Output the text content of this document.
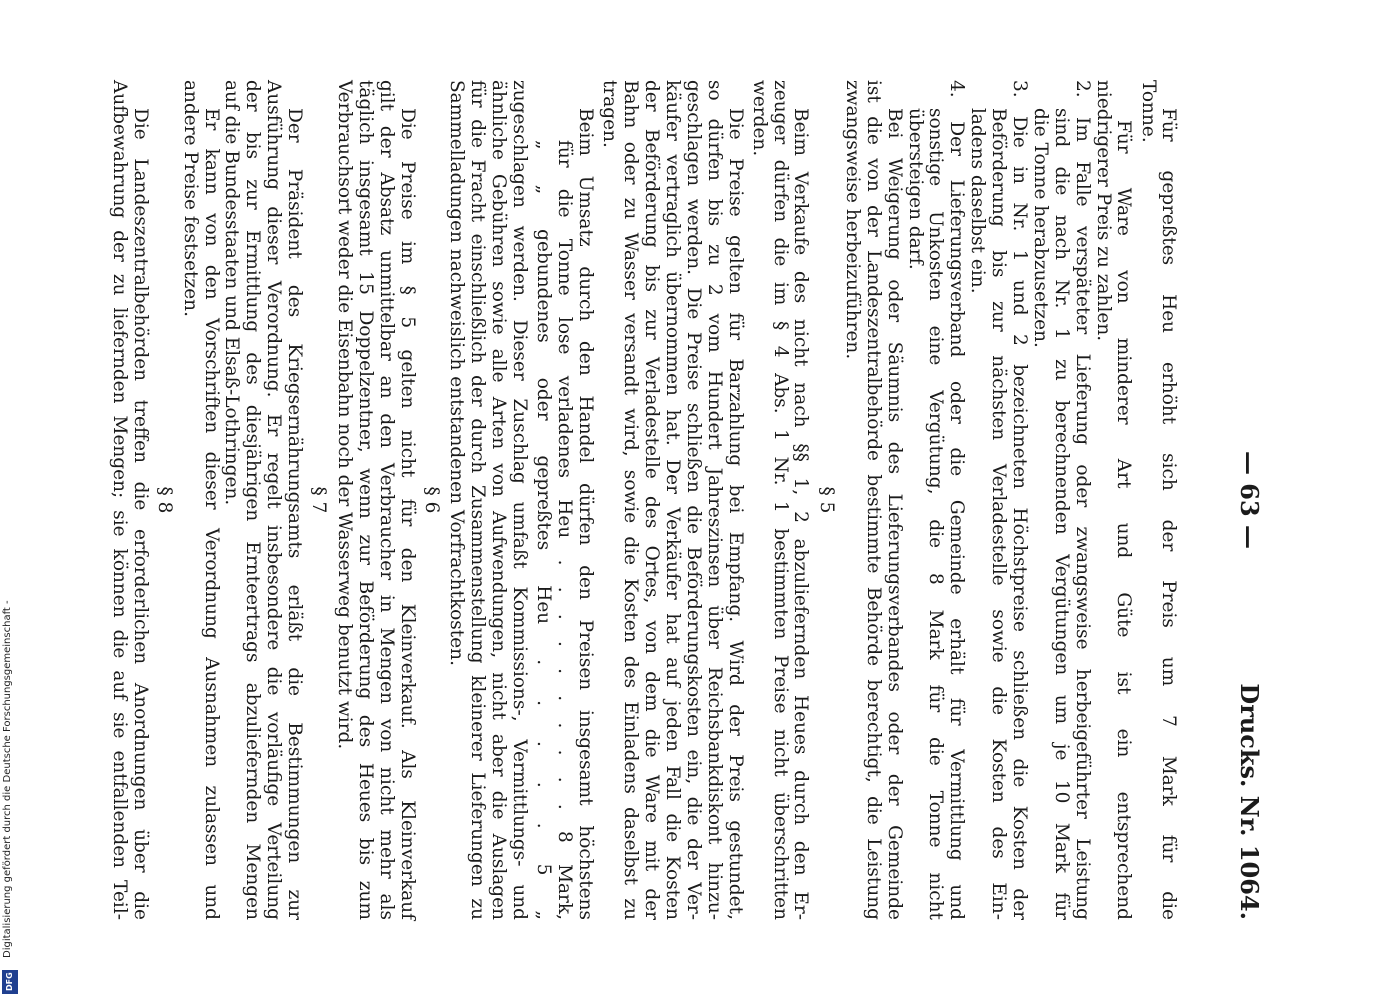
— 63 —
Drucks. Nr. 1064.
Für gepreßtes Heu erhöht sich der Preis um 7 Mark für die
Tonne.
Für Ware von minderer Art und Güte ist ein entsprechend
niedrigerer Preis zu zahlen.
2. Im Falle verspäteter Lieferung oder zwangsweise herbeigeführter Leistung
sind die nach Nr. 1 zu berechnenden Vergütungen um je 10 Mark für
die Tonne herabzusetzen.
3. Die in Nr. 1 und 2 bezeichneten Höchstpreise schließen die Kosten der
Beförderung bis zur nächsten Verladestelle sowie die Kosten des Ein-
ladens daselbst ein.
4. Der Lieferungsverband oder die Gemeinde erhält für Vermittlung und
sonstige Unkosten eine Vergütung, die 8 Mark für die Tonne nicht
übersteigen darf.
Bei Weigerung oder Säumnis des Lieferungsverbandes oder der Gemeinde
ist die von der Landeszentralbehörde bestimmte Behörde berechtigt, die Leistung
zwangsweise herbeizuführen.
§ 5
Beim Verkaufe des nicht nach §§ 1, 2 abzuliefernden Heues durch den Er-
zeuger dürfen die im § 4 Abs. 1 Nr. 1 bestimmten Preise nicht überschritten
werden.
Die Preise gelten für Barzahlung bei Empfang. Wird der Preis gestundet,
so dürfen bis zu 2 vom Hundert Jahreszinsen über Reichsbankdiskont hinzu-
geschlagen werden. Die Preise schließen die Beförderungskosten ein, die der Ver-
käufer vertraglich übernommen hat. Der Verkäufer hat auf jeden Fall die Kosten
der Beförderung bis zur Verladestelle des Ortes, von dem die Ware mit der
Bahn oder zu Wasser versandt wird, sowie die Kosten des Einladens daselbst zu
tragen.
Beim Umsatz durch den Handel dürfen den Preisen insgesamt höchstens
für die Tonne lose verladenes Heu . . . . . . . . . . 8 Mark,
„ „ gebundenes oder gepreßtes Heu . . . . . 5 „
zugeschlagen werden. Dieser Zuschlag umfaßt Kommissions-, Vermittlungs- und
ähnliche Gebühren sowie alle Arten von Aufwendungen, nicht aber die Auslagen
für die Fracht einschließlich der durch Zusammenstellung kleinerer Lieferungen zu
Sammelladungen nachweislich entstandenen Vorfrachtkosten.
§ 6
Die Preise im § 5 gelten nicht für den Kleinverkauf. Als Kleinverkauf
gilt der Absatz unmittelbar an den Verbraucher in Mengen von nicht mehr als
täglich insgesamt 15 Doppelzentner, wenn zur Beförderung des Heues bis zum
Verbrauchsort weder die Eisenbahn noch der Wasserweg benutzt wird.
§ 7
Der Präsident des Kriegsernährungsamts erläßt die Bestimmungen zur
Ausführung dieser Verordnung. Er regelt insbesondere die vorläufige Verteilung
der bis zur Ermittlung des diesjährigen Ernteertrags abzuliefernden Mengen
auf die Bundesstaaten und Elsaß-Lothringen.
Er kann von den Vorschriften dieser Verordnung Ausnahmen zulassen und
andere Preise festsetzen.
§ 8
Die Landeszentralbehörden treffen die erforderlichen Anordnungen über die
Aufbewahrung der zu liefernden Mengen; sie können die auf sie entfallenden Teil-
Digitalisierung gefördert durch die Deutsche Forschungsgemeinschaft -
DFG
